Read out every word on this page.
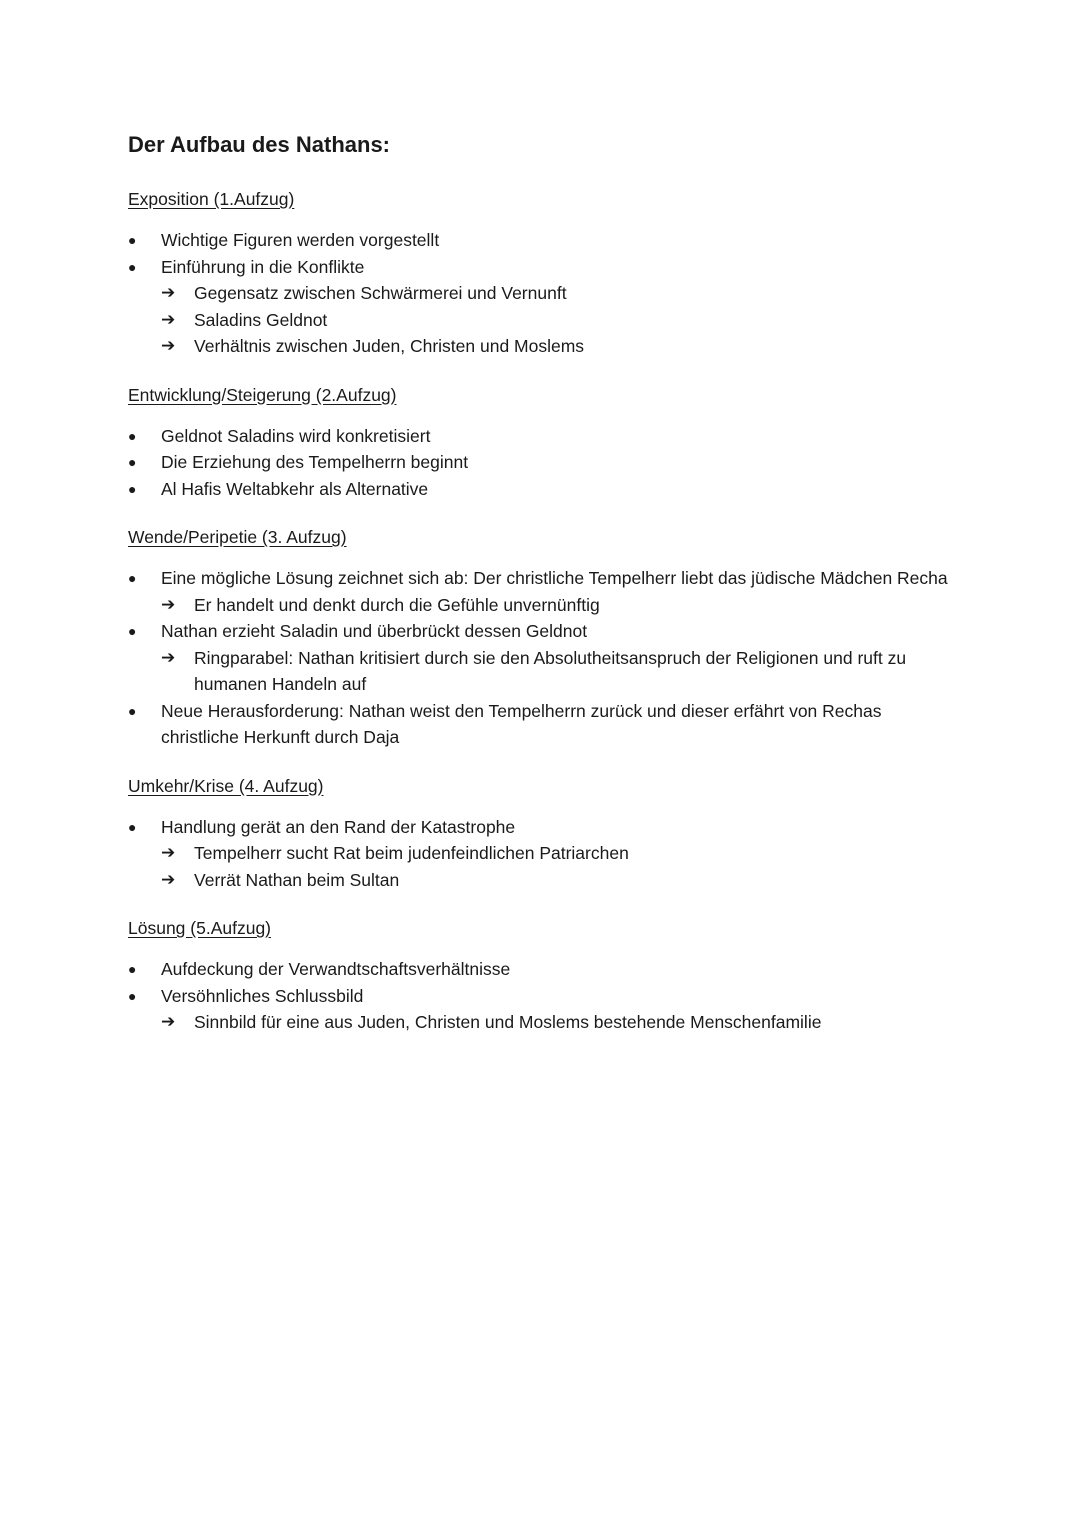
Der Aufbau des Nathans:
Exposition (1.Aufzug)
● Wichtige Figuren werden vorgestellt
● Einführung in die Konflikte
➔ Gegensatz zwischen Schwärmerei und Vernunft
➔ Saladins Geldnot
➔ Verhältnis zwischen Juden, Christen und Moslems
Entwicklung/Steigerung (2.Aufzug)
● Geldnot Saladins wird konkretisiert
● Die Erziehung des Tempelherrn beginnt
● Al Hafis Weltabkehr als Alternative
Wende/Peripetie (3. Aufzug)
● Eine mögliche Lösung zeichnet sich ab: Der christliche Tempelherr liebt das jüdische Mädchen Recha
➔ Er handelt und denkt durch die Gefühle unvernünftig
● Nathan erzieht Saladin und überbrückt dessen Geldnot
➔ Ringparabel: Nathan kritisiert durch sie den Absolutheitsanspruch der Religionen und ruft zu humanen Handeln auf
● Neue Herausforderung: Nathan weist den Tempelherrn zurück und dieser erfährt von Rechas christliche Herkunft durch Daja
Umkehr/Krise (4. Aufzug)
● Handlung gerät an den Rand der Katastrophe
➔ Tempelherr sucht Rat beim judenfeindlichen Patriarchen
➔ Verrät Nathan beim Sultan
Lösung (5.Aufzug)
● Aufdeckung der Verwandtschaftsverhältnisse
● Versöhnliches Schlussbild
➔ Sinnbild für eine aus Juden, Christen und Moslems bestehende Menschenfamilie
